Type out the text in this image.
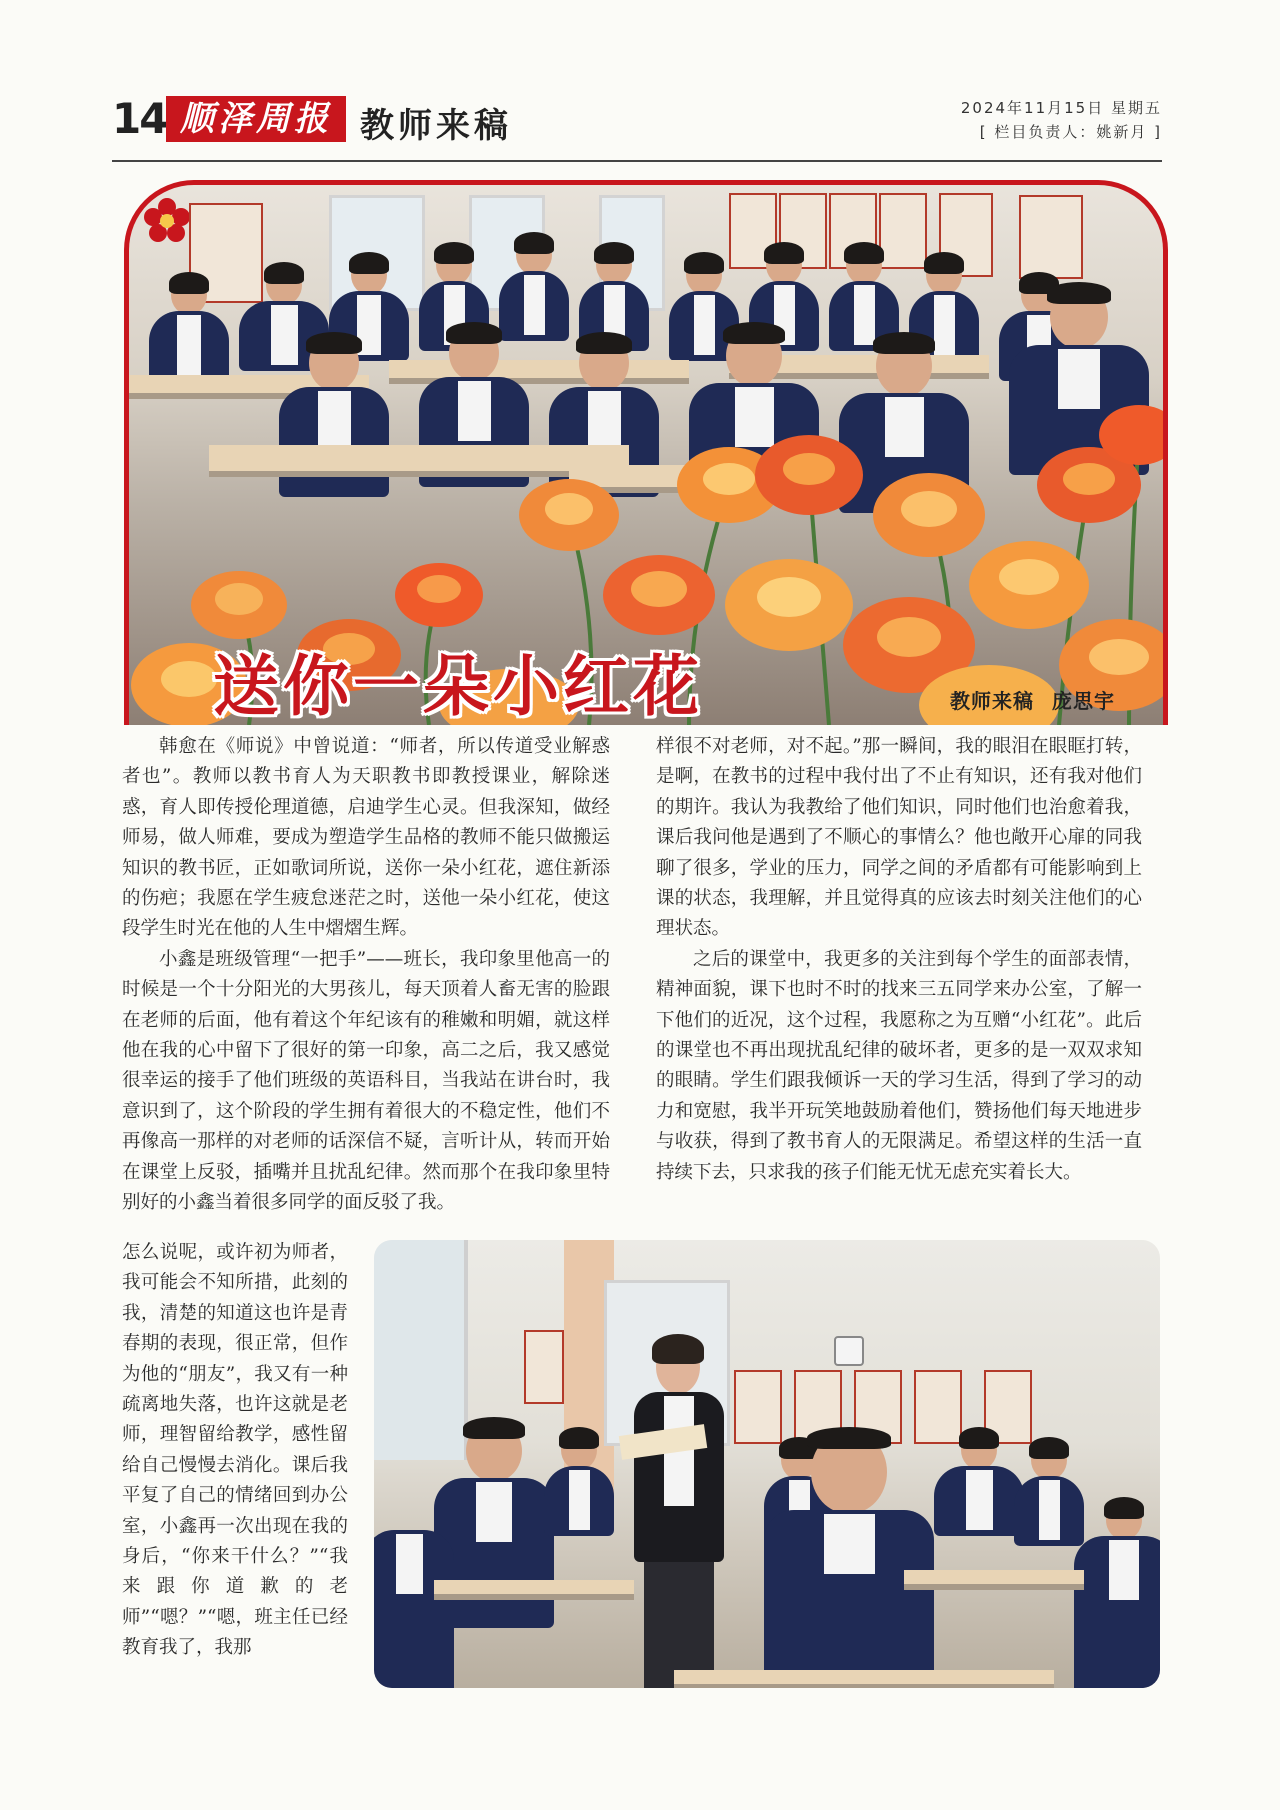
14 顺泽周报 教师来稿	2024年11月15日 星期五
[ 栏目负责人：姚新月 ]
送你一朵小红花	教师来稿 庞思宇

韩愈在《师说》中曾说道：“师者，所以传道受业解惑者也”。教师以教书育人为天职教书即教授课业，解除迷惑，育人即传授伦理道德，启迪学生心灵。但我深知，做经师易，做人师难，要成为塑造学生品格的教师不能只做搬运知识的教书匠，正如歌词所说，送你一朵小红花，遮住新添的伤疤；我愿在学生疲怠迷茫之时，送他一朵小红花，使这段学生时光在他的人生中熠熠生辉。

小鑫是班级管理“一把手”——班长，我印象里他高一的时候是一个十分阳光的大男孩儿，每天顶着人畜无害的脸跟在老师的后面，他有着这个年纪该有的稚嫩和明媚，就这样他在我的心中留下了很好的第一印象，高二之后，我又感觉很幸运的接手了他们班级的英语科目，当我站在讲台时，我意识到了，这个阶段的学生拥有着很大的不稳定性，他们不再像高一那样的对老师的话深信不疑，言听计从，转而开始在课堂上反驳，插嘴并且扰乱纪律。然而那个在我印象里特别好的小鑫当着很多同学的面反驳了我。

样很不对老师，对不起。”那一瞬间，我的眼泪在眼眶打转，是啊，在教书的过程中我付出了不止有知识，还有我对他们的期许。我认为我教给了他们知识，同时他们也治愈着我，课后我问他是遇到了不顺心的事情么？他也敞开心扉的同我聊了很多，学业的压力，同学之间的矛盾都有可能影响到上课的状态，我理解，并且觉得真的应该去时刻关注他们的心理状态。

之后的课堂中，我更多的关注到每个学生的面部表情，精神面貌，课下也时不时的找来三五同学来办公室，了解一下他们的近况，这个过程，我愿称之为互赠“小红花”。此后的课堂也不再出现扰乱纪律的破坏者，更多的是一双双求知的眼睛。学生们跟我倾诉一天的学习生活，得到了学习的动力和宽慰，我半开玩笑地鼓励着他们，赞扬他们每天地进步与收获，得到了教书育人的无限满足。希望这样的生活一直持续下去，只求我的孩子们能无忧无虑充实着长大。

怎么说呢，或许初为师者，我可能会不知所措，此刻的我，清楚的知道这也许是青春期的表现，很正常，但作为他的“朋友”，我又有一种疏离地失落，也许这就是老师，理智留给教学，感性留给自己慢慢去消化。课后我平复了自己的情绪回到办公室，小鑫再一次出现在我的身后，“你来干什么？”“我来跟你道歉的老师”“嗯？”“嗯，班主任已经教育我了，我那
